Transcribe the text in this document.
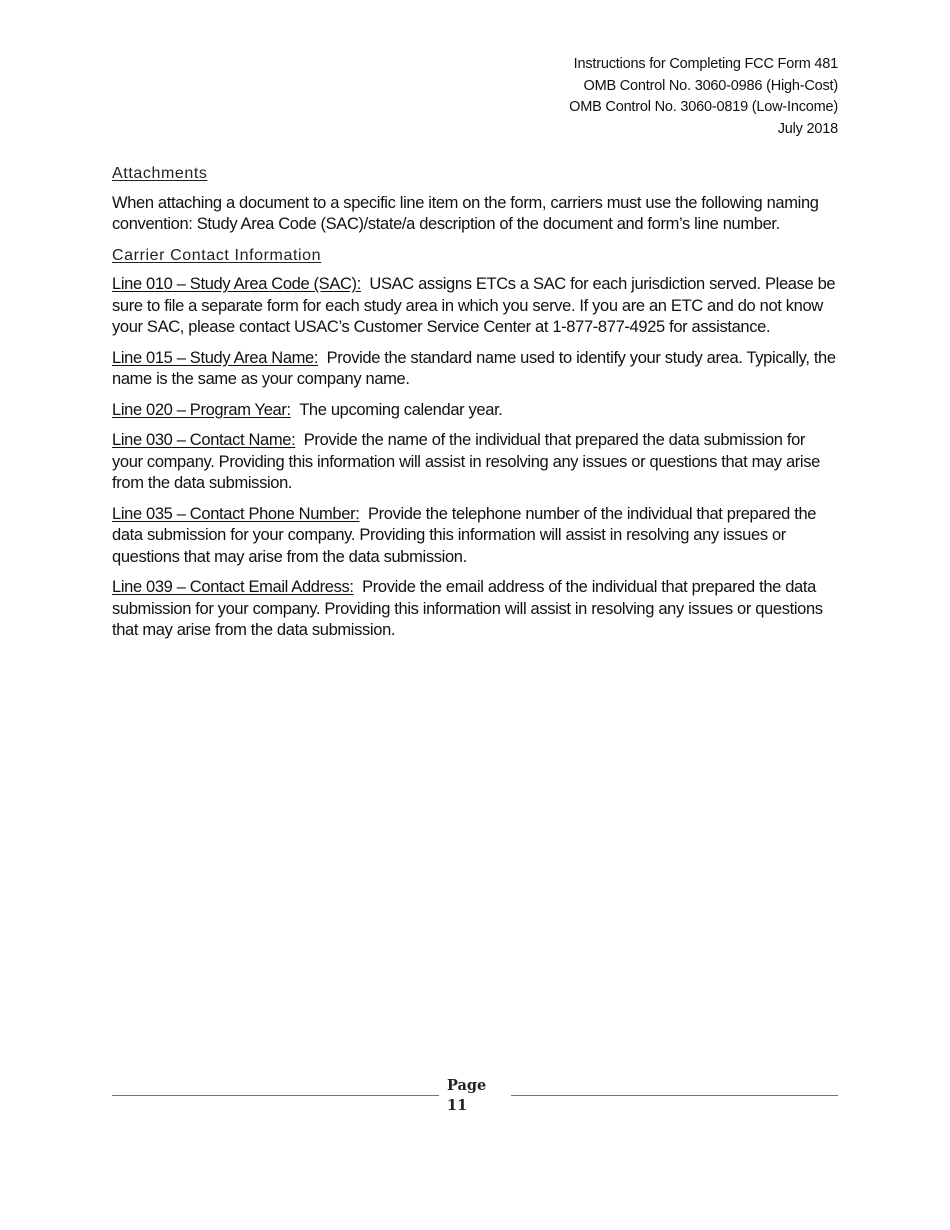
Instructions for Completing FCC Form 481
OMB Control No. 3060-0986 (High-Cost)
OMB Control No. 3060-0819 (Low-Income)
July 2018
Attachments

When attaching a document to a specific line item on the form, carriers must use the following naming convention: Study Area Code (SAC)/state/a description of the document and form’s line number.

Carrier Contact Information

Line 010 – Study Area Code (SAC): USAC assigns ETCs a SAC for each jurisdiction served. Please be sure to file a separate form for each study area in which you serve. If you are an ETC and do not know your SAC, please contact USAC’s Customer Service Center at 1-877-877-4925 for assistance.

Line 015 – Study Area Name: Provide the standard name used to identify your study area. Typically, the name is the same as your company name.

Line 020 – Program Year: The upcoming calendar year.

Line 030 – Contact Name: Provide the name of the individual that prepared the data submission for your company. Providing this information will assist in resolving any issues or questions that may arise from the data submission.

Line 035 – Contact Phone Number: Provide the telephone number of the individual that prepared the data submission for your company. Providing this information will assist in resolving any issues or questions that may arise from the data submission.

Line 039 – Contact Email Address: Provide the email address of the individual that prepared the data submission for your company. Providing this information will assist in resolving any issues or questions that may arise from the data submission.

Page
11
